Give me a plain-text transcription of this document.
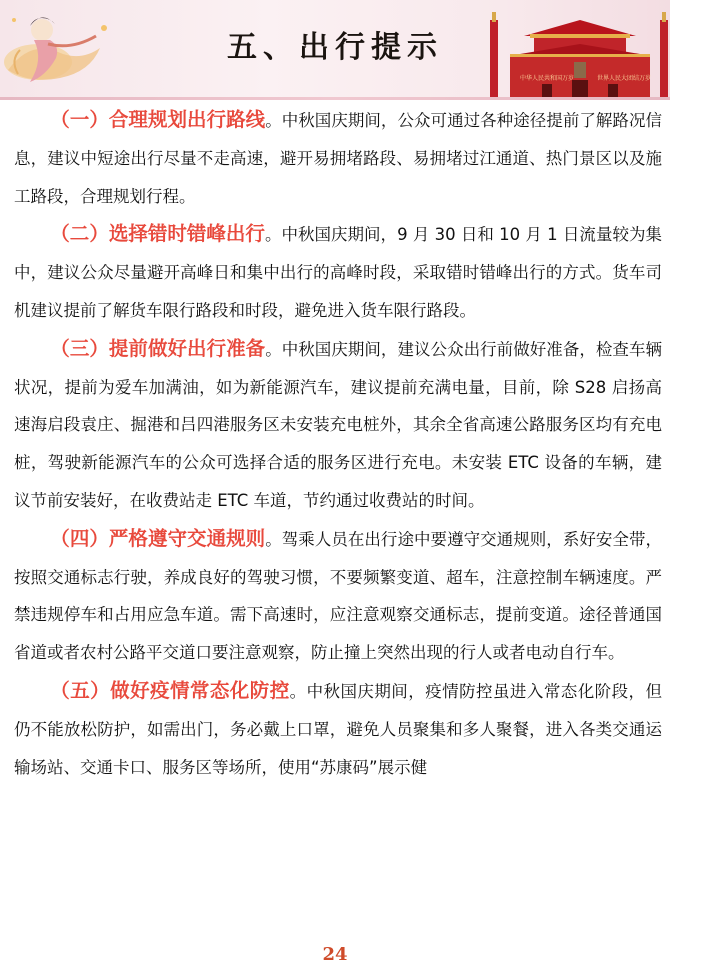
五、出行提示
中华人民共和国万岁	世界人民大团结万岁

（一）合理规划出行路线。中秋国庆期间，公众可通过各种途径提前了解路况信息，建议中短途出行尽量不走高速，避开易拥堵路段、易拥堵过江通道、热门景区以及施工路段，合理规划行程。

（二）选择错时错峰出行。中秋国庆期间，9 月 30 日和 10 月 1 日流量较为集中，建议公众尽量避开高峰日和集中出行的高峰时段，采取错时错峰出行的方式。货车司机建议提前了解货车限行路段和时段，避免进入货车限行路段。

（三）提前做好出行准备。中秋国庆期间，建议公众出行前做好准备，检查车辆状况，提前为爱车加满油，如为新能源汽车，建议提前充满电量，目前，除 S28 启扬高速海启段袁庄、掘港和吕四港服务区未安装充电桩外，其余全省高速公路服务区均有充电桩，驾驶新能源汽车的公众可选择合适的服务区进行充电。未安装 ETC 设备的车辆，建议节前安装好，在收费站走 ETC 车道，节约通过收费站的时间。

（四）严格遵守交通规则。驾乘人员在出行途中要遵守交通规则，系好安全带，按照交通标志行驶，养成良好的驾驶习惯，不要频繁变道、超车，注意控制车辆速度。严禁违规停车和占用应急车道。需下高速时，应注意观察交通标志，提前变道。途径普通国省道或者农村公路平交道口要注意观察，防止撞上突然出现的行人或者电动自行车。

（五）做好疫情常态化防控。中秋国庆期间，疫情防控虽进入常态化阶段，但仍不能放松防护，如需出门，务必戴上口罩，避免人员聚集和多人聚餐，进入各类交通运输场站、交通卡口、服务区等场所，使用“苏康码”展示健

24
